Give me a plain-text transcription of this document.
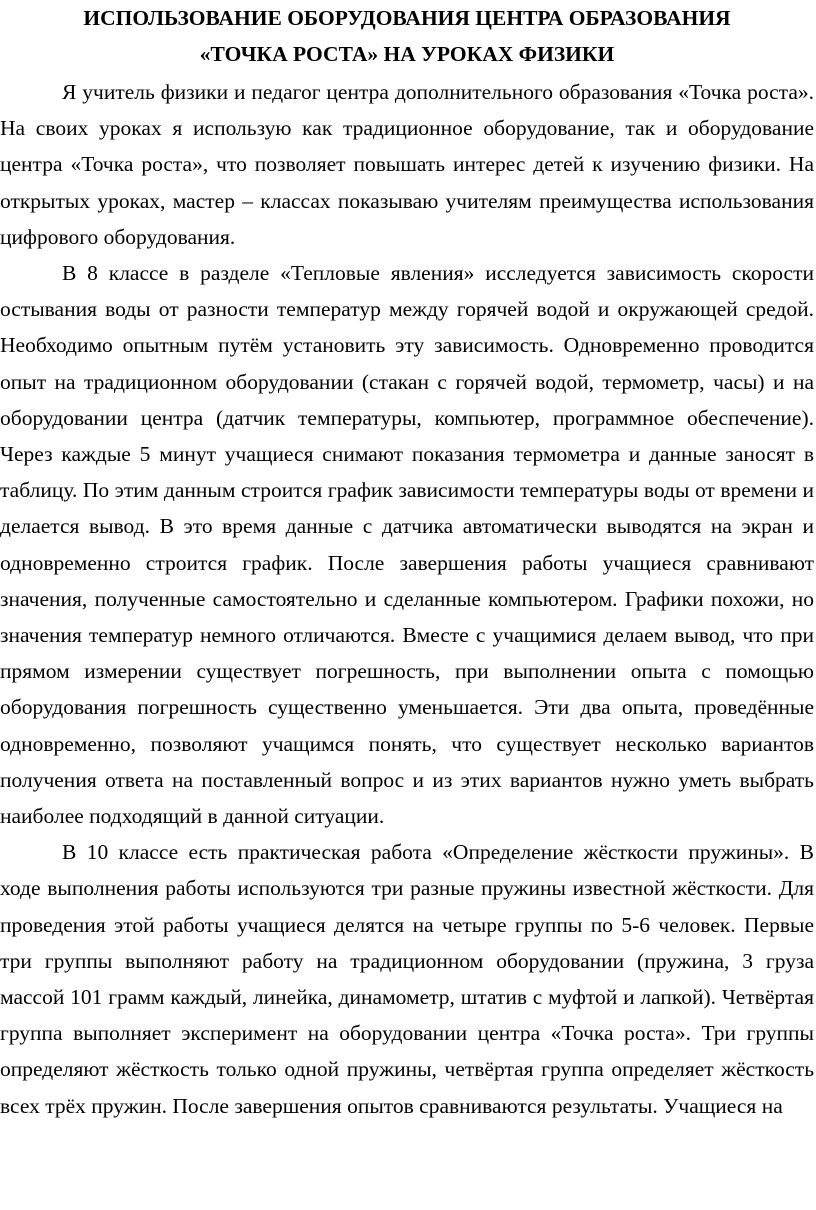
ИСПОЛЬЗОВАНИЕ ОБОРУДОВАНИЯ ЦЕНТРА ОБРАЗОВАНИЯ
«ТОЧКА РОСТА» НА УРОКАХ ФИЗИКИ

Я учитель физики и педагог центра дополнительного образования «Точка роста». На своих уроках я использую как традиционное оборудование, так и оборудование центра «Точка роста», что позволяет повышать интерес детей к изучению физики. На открытых уроках, мастер – классах показываю учителям преимущества использования цифрового оборудования.

В 8 классе в разделе «Тепловые явления» исследуется зависимость скорости остывания воды от разности температур между горячей водой и окружающей средой. Необходимо опытным путём установить эту зависимость. Одновременно проводится опыт на традиционном оборудовании (стакан с горячей водой, термометр, часы) и на оборудовании центра (датчик температуры, компьютер, программное обеспечение). Через каждые 5 минут учащиеся снимают показания термометра и данные заносят в таблицу. По этим данным строится график зависимости температуры воды от времени и делается вывод. В это время данные с датчика автоматически выводятся на экран и одновременно строится график. После завершения работы учащиеся сравнивают значения, полученные самостоятельно и сделанные компьютером. Графики похожи, но значения температур немного отличаются. Вместе с учащимися делаем вывод, что при прямом измерении существует погрешность, при выполнении опыта с помощью оборудования погрешность существенно уменьшается. Эти два опыта, проведённые одновременно, позволяют учащимся понять, что существует несколько вариантов получения ответа на поставленный вопрос и из этих вариантов нужно уметь выбрать наиболее подходящий в данной ситуации.

В 10 классе есть практическая работа «Определение жёсткости пружины». В ходе выполнения работы используются три разные пружины известной жёсткости. Для проведения этой работы учащиеся делятся на четыре группы по 5-6 человек. Первые три группы выполняют работу на традиционном оборудовании (пружина, 3 груза массой 101 грамм каждый, линейка, динамометр, штатив с муфтой и лапкой). Четвёртая группа выполняет эксперимент на оборудовании центра «Точка роста». Три группы определяют жёсткость только одной пружины, четвёртая группа определяет жёсткость всех трёх пружин. После завершения опытов сравниваются результаты. Учащиеся на
